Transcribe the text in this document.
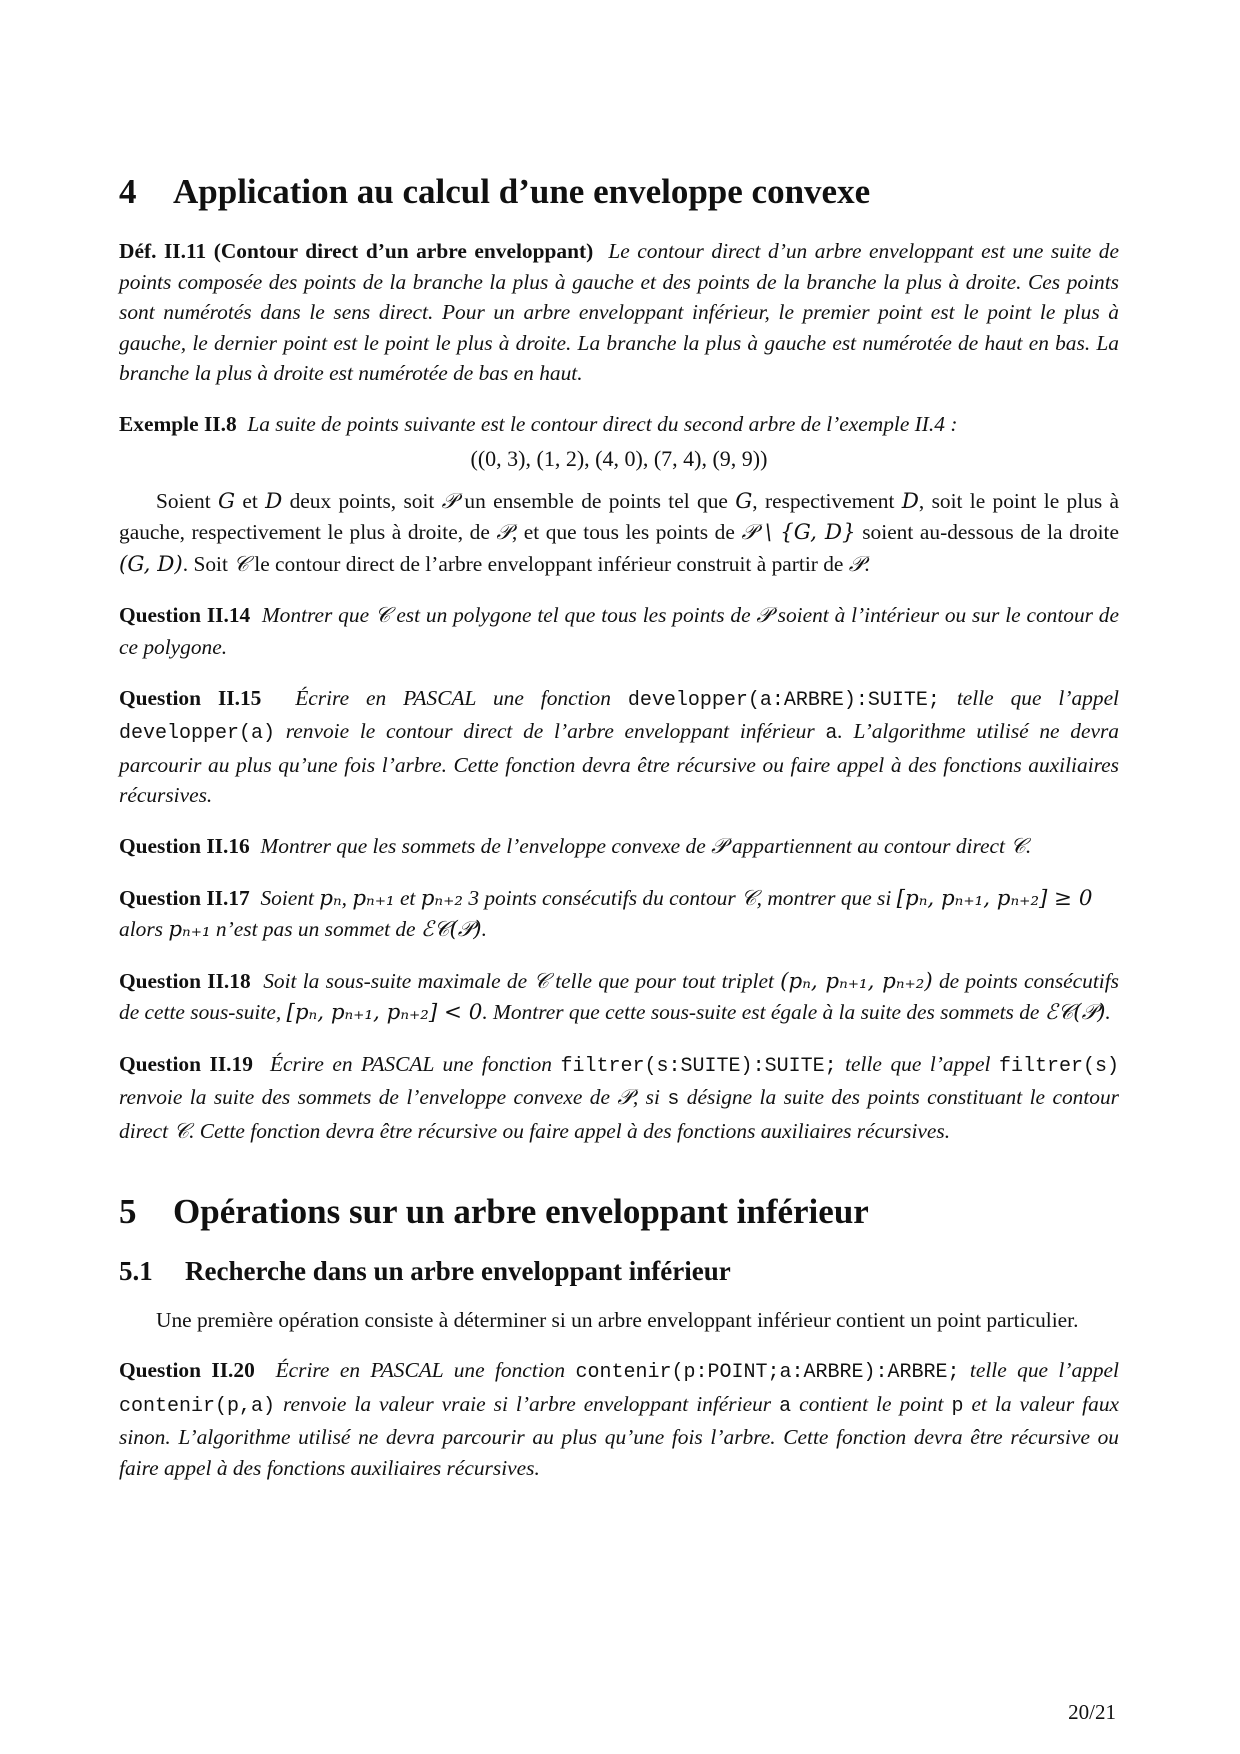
4 Application au calcul d’une enveloppe convexe

Déf. II.11 (Contour direct d’un arbre enveloppant) Le contour direct d’un arbre enveloppant est une suite de points composée des points de la branche la plus à gauche et des points de la branche la plus à droite. Ces points sont numérotés dans le sens direct. Pour un arbre enveloppant inférieur, le premier point est le point le plus à gauche, le dernier point est le point le plus à droite. La branche la plus à gauche est numérotée de haut en bas. La branche la plus à droite est numérotée de bas en haut.

Exemple II.8 La suite de points suivante est le contour direct du second arbre de l’exemple II.4 :

((0, 3), (1, 2), (4, 0), (7, 4), (9, 9))

Soient G et D deux points, soit 𝒫 un ensemble de points tel que G, respectivement D, soit le point le plus à gauche, respectivement le plus à droite, de 𝒫, et que tous les points de 𝒫 \ {G, D} soient au-dessous de la droite (G, D). Soit 𝒞 le contour direct de l’arbre enveloppant inférieur construit à partir de 𝒫.

Question II.14 Montrer que 𝒞 est un polygone tel que tous les points de 𝒫 soient à l’intérieur ou sur le contour de ce polygone.

Question II.15 Écrire en PASCAL une fonction developper(a:ARBRE):SUITE; telle que l’appel developper(a) renvoie le contour direct de l’arbre enveloppant inférieur a. L’algorithme utilisé ne devra parcourir au plus qu’une fois l’arbre. Cette fonction devra être récursive ou faire appel à des fonctions auxiliaires récursives.

Question II.16 Montrer que les sommets de l’enveloppe convexe de 𝒫 appartiennent au contour direct 𝒞.

Question II.17 Soient pₙ, pₙ₊₁ et pₙ₊₂ 3 points consécutifs du contour 𝒞, montrer que si [pₙ, pₙ₊₁, pₙ₊₂] ≥ 0 alors pₙ₊₁ n’est pas un sommet de ℰ𝒞(𝒫).

Question II.18 Soit la sous-suite maximale de 𝒞 telle que pour tout triplet (pₙ, pₙ₊₁, pₙ₊₂) de points consécutifs de cette sous-suite, [pₙ, pₙ₊₁, pₙ₊₂] < 0. Montrer que cette sous-suite est égale à la suite des sommets de ℰ𝒞(𝒫).

Question II.19 Écrire en PASCAL une fonction filtrer(s:SUITE):SUITE; telle que l’appel filtrer(s) renvoie la suite des sommets de l’enveloppe convexe de 𝒫, si s désigne la suite des points constituant le contour direct 𝒞. Cette fonction devra être récursive ou faire appel à des fonctions auxiliaires récursives.

5 Opérations sur un arbre enveloppant inférieur
5.1 Recherche dans un arbre enveloppant inférieur

Une première opération consiste à déterminer si un arbre enveloppant inférieur contient un point particulier.

Question II.20 Écrire en PASCAL une fonction contenir(p:POINT;a:ARBRE):ARBRE; telle que l’appel contenir(p,a) renvoie la valeur vraie si l’arbre enveloppant inférieur a contient le point p et la valeur faux sinon. L’algorithme utilisé ne devra parcourir au plus qu’une fois l’arbre. Cette fonction devra être récursive ou faire appel à des fonctions auxiliaires récursives.

20/21
